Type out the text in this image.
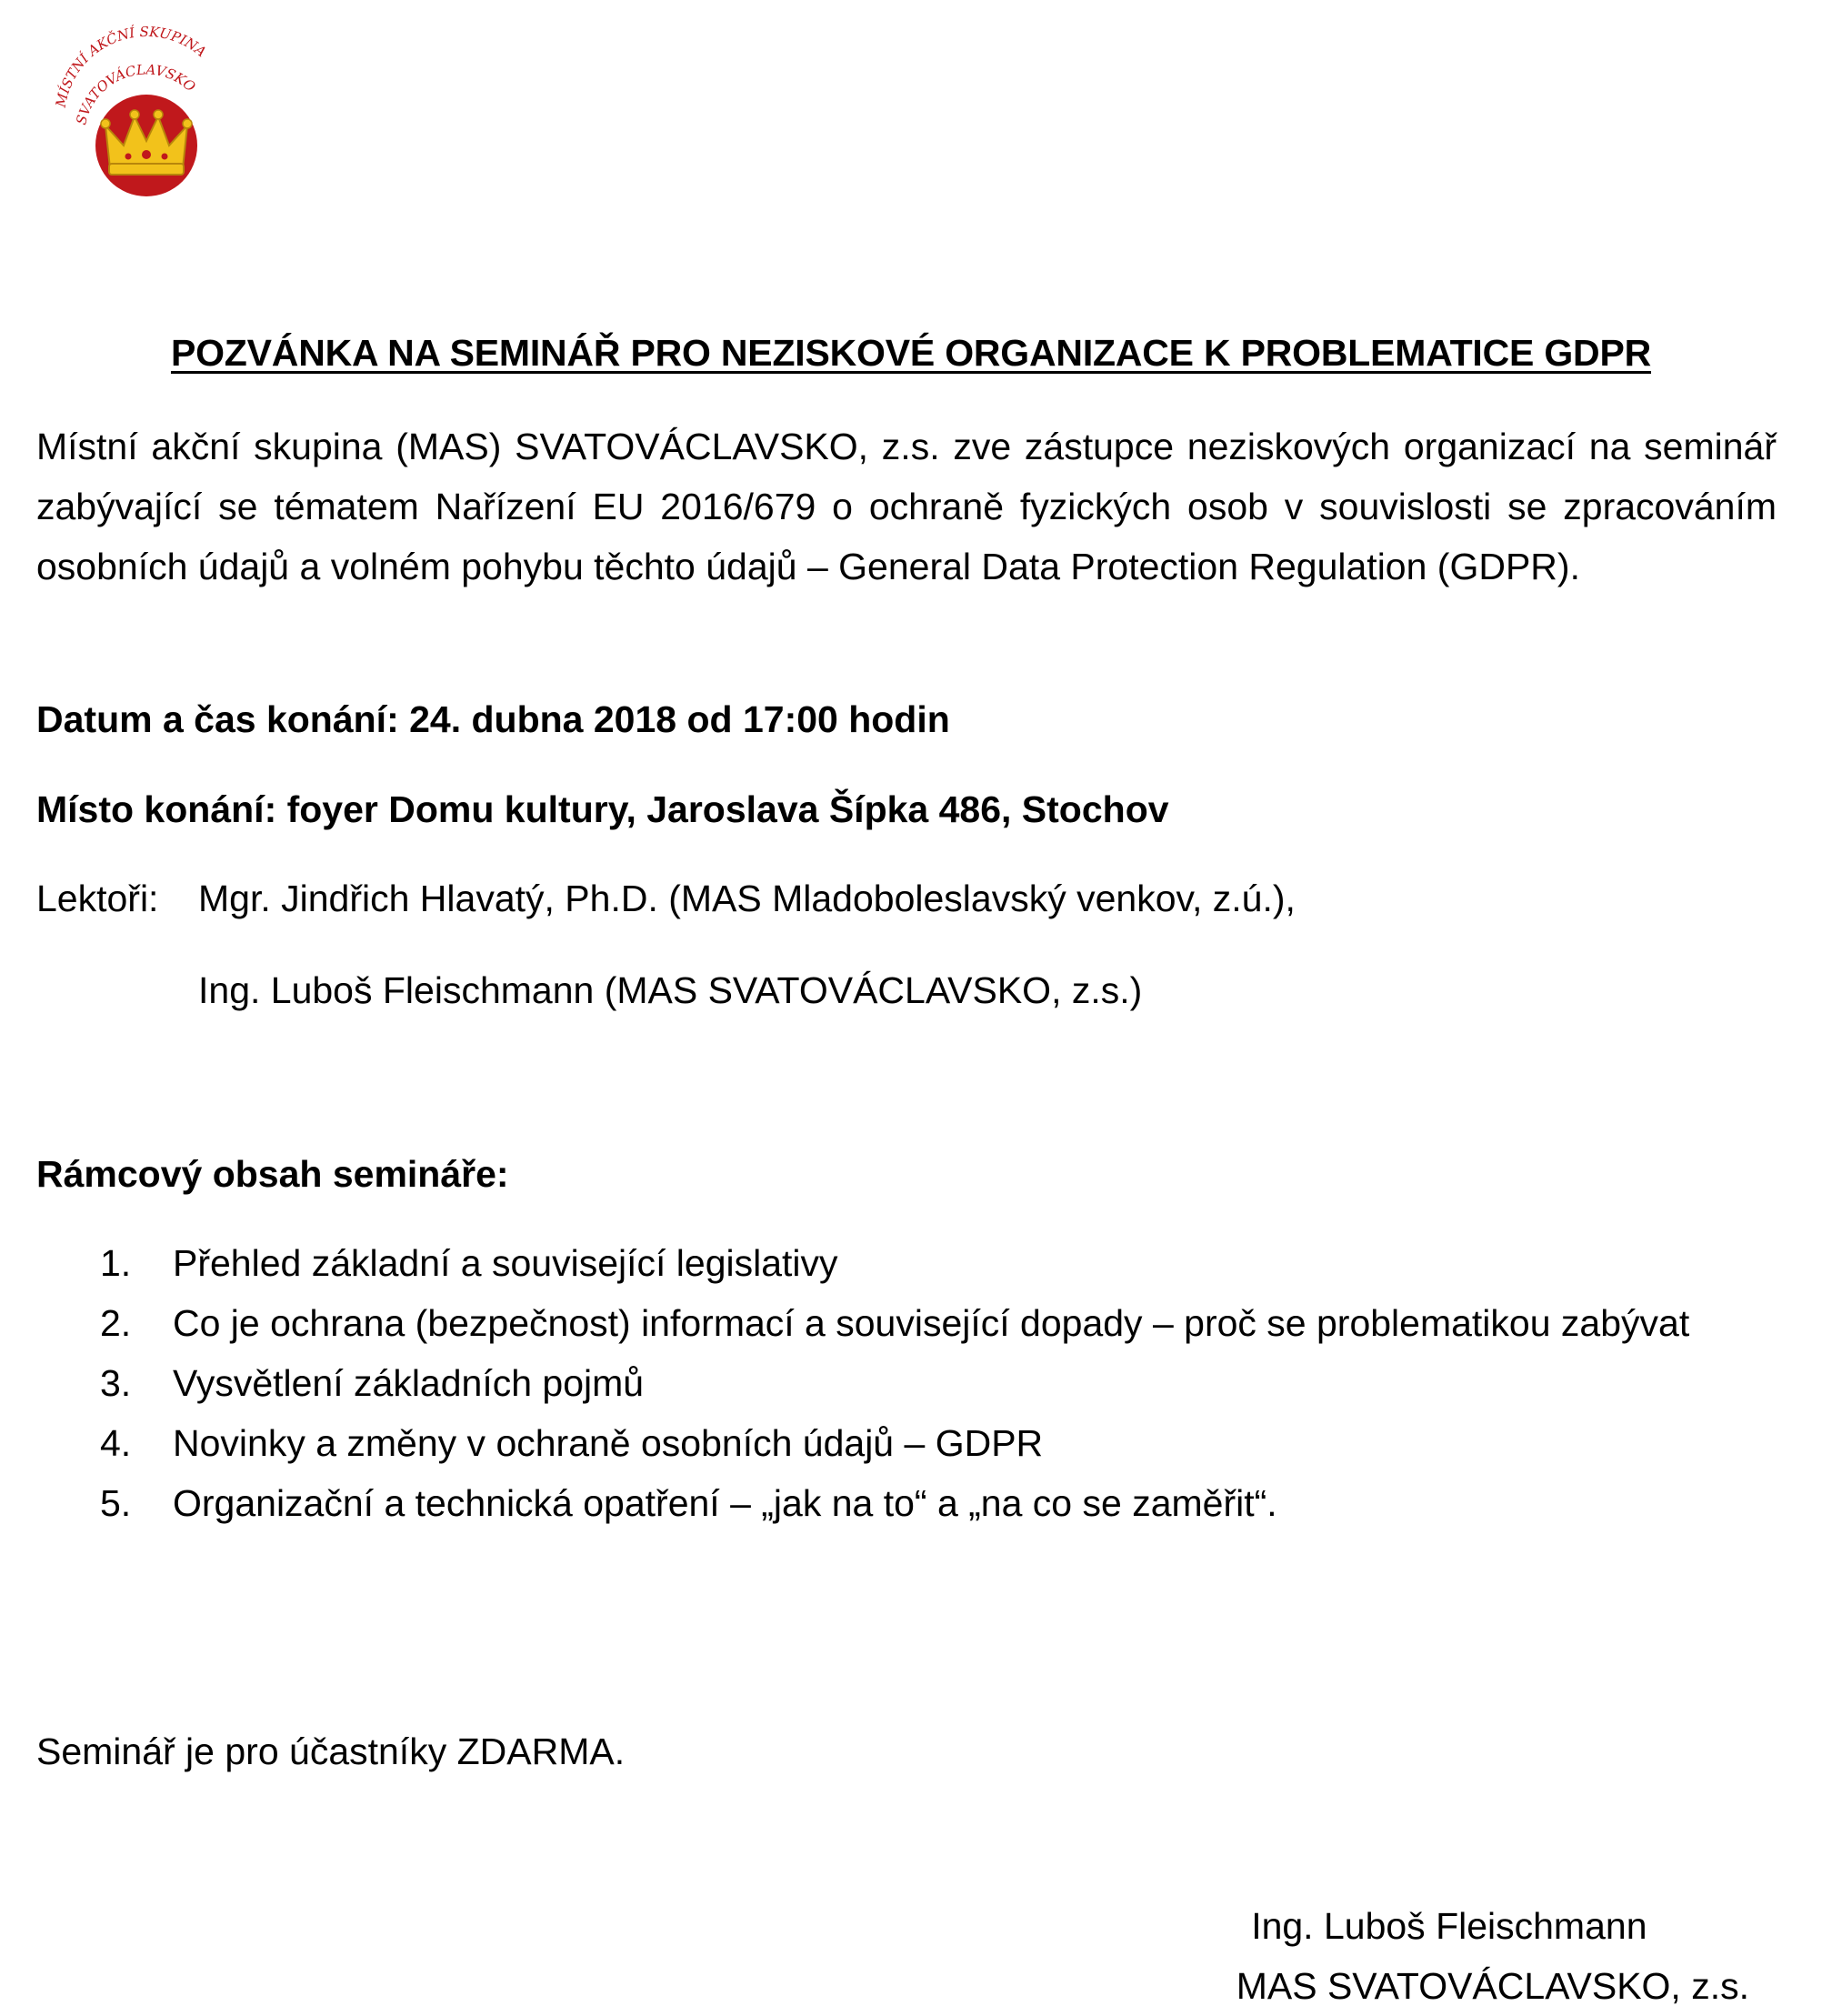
MÍSTNÍ AKČNÍ SKUPINA
SVATOVÁCLAVSKO
POZVÁNKA NA SEMINÁŘ PRO NEZISKOVÉ ORGANIZACE K PROBLEMATICE GDPR
Místní akční skupina (MAS) SVATOVÁCLAVSKO, z.s. zve zástupce neziskových organizací na seminář zabývající se tématem Nařízení EU 2016/679 o ochraně fyzických osob v souvislosti se zpracováním osobních údajů a volném pohybu těchto údajů – General Data Protection Regulation (GDPR).
Datum a čas konání: 24. dubna 2018 od 17:00 hodin
Místo konání: foyer Domu kultury, Jaroslava Šípka 486, Stochov
Lektoři: Mgr. Jindřich Hlavatý, Ph.D. (MAS Mladoboleslavský venkov, z.ú.),
Ing. Luboš Fleischmann (MAS SVATOVÁCLAVSKO, z.s.)
Rámcový obsah semináře:
1. Přehled základní a související legislativy
2. Co je ochrana (bezpečnost) informací a související dopady – proč se problematikou zabývat
3. Vysvětlení základních pojmů
4. Novinky a změny v ochraně osobních údajů – GDPR
5. Organizační a technická opatření – „jak na to“ a „na co se zaměřit“.
Seminář je pro účastníky ZDARMA.
Ing. Luboš Fleischmann
MAS SVATOVÁCLAVSKO, z.s.
